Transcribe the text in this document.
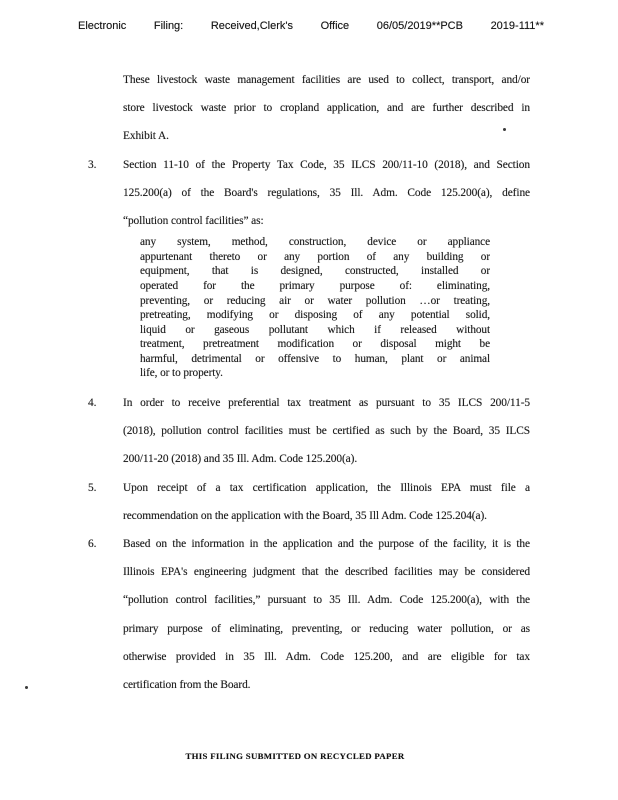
Electronic	Filing:	Received,Clerk's	Office	06/05/2019**PCB	2019-111**
These livestock waste management facilities are used to collect, transport, and/or
store livestock waste prior to cropland application, and are further described in
Exhibit A.
3. Section 11-10 of the Property Tax Code, 35 ILCS 200/11-10 (2018), and Section
125.200(a) of the Board's regulations, 35 Ill. Adm. Code 125.200(a), define
“pollution control facilities” as:
any system, method, construction, device or appliance
appurtenant thereto or any portion of any building or
equipment, that is designed, constructed, installed or
operated for the primary purpose of: eliminating,
preventing, or reducing air or water pollution …or treating,
pretreating, modifying or disposing of any potential solid,
liquid or gaseous pollutant which if released without
treatment, pretreatment modification or disposal might be
harmful, detrimental or offensive to human, plant or animal
life, or to property.
4. In order to receive preferential tax treatment as pursuant to 35 ILCS 200/11-5
(2018), pollution control facilities must be certified as such by the Board, 35 ILCS
200/11-20 (2018) and 35 Ill. Adm. Code 125.200(a).
5. Upon receipt of a tax certification application, the Illinois EPA must file a
recommendation on the application with the Board, 35 Ill Adm. Code 125.204(a).
6. Based on the information in the application and the purpose of the facility, it is the
Illinois EPA's engineering judgment that the described facilities may be considered
“pollution control facilities,” pursuant to 35 Ill. Adm. Code 125.200(a), with the
primary purpose of eliminating, preventing, or reducing water pollution, or as
otherwise provided in 35 Ill. Adm. Code 125.200, and are eligible for tax
certification from the Board.
THIS FILING SUBMITTED ON RECYCLED PAPER
